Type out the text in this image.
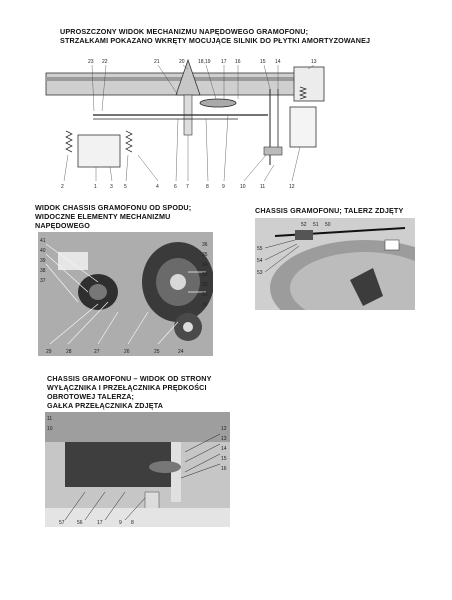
UPROSZCZONY WIDOK MECHANIZMU NAPĘDOWEGO GRAMOFONU;
STRZAŁKAMI POKAZANO WKRĘTY MOCUJĄCE SILNIK DO PŁYTKI AMORTYZOWANEJ
23 22	21	20	18,19 17 16	15 14	13
2	1	3 5	4	6 7	8	9	10	11	12
WIDOK CHASSIS GRAMOFONU OD SPODU;
WIDOCZNE ELEMENTY MECHANIZMU
NAPĘDOWEGO
CHASSIS GRAMOFONU; TALERZ ZDJĘTY
41
40
39
38
37
36
35
34
33
32
31
30
29	28	27	26	25	24
55
54
53
52 51 50
CHASSIS GRAMOFONU – WIDOK OD STRONY
WYŁĄCZNIKA I PRZEŁĄCZNIKA PRĘDKOŚCI
OBROTOWEJ TALERZA;
GAŁKA PRZEŁĄCZNIKA ZDJĘTA
11
10	12
13
14
15
16
57 56	17	9 8
